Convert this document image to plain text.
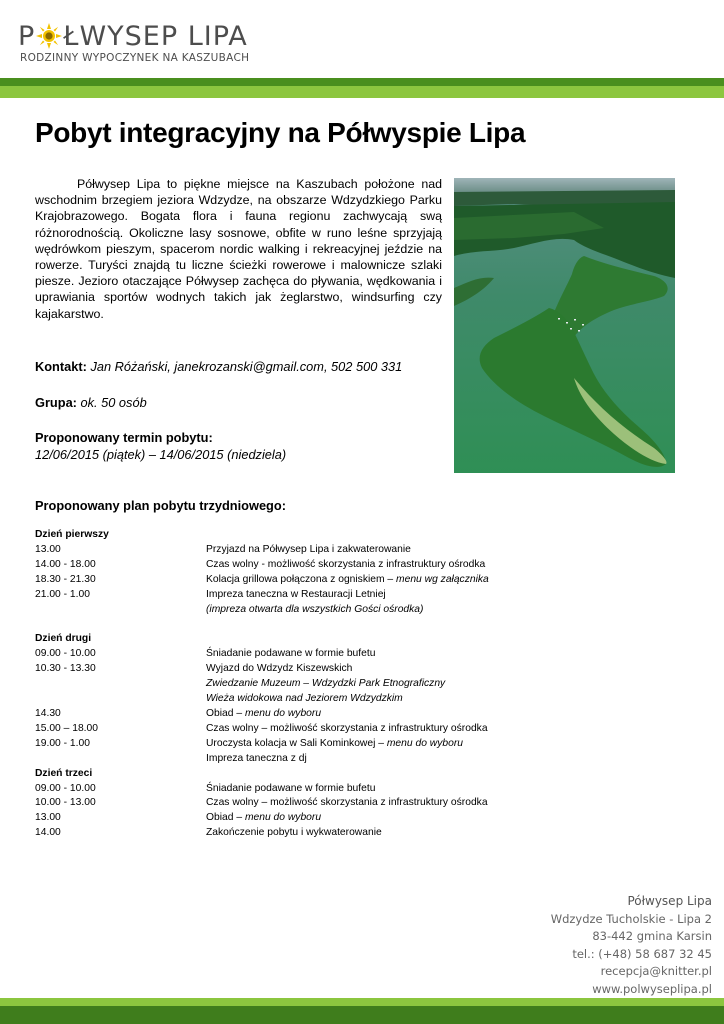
P ŁWYSEP LIPA
RODZINNY WYPOCZYNEK NA KASZUBACH
Pobyt integracyjny na Półwyspie Lipa

Półwysep Lipa to piękne miejsce na Kaszubach położone nad wschodnim brzegiem jeziora Wdzydze, na obszarze Wdzydzkiego Parku Krajobrazowego. Bogata flora i fauna regionu zachwycają swą różnorodnością. Okoliczne lasy sosnowe, obfite w runo leśne sprzyjają wędrówkom pieszym, spacerom nordic walking i rekreacyjnej jeździe na rowerze. Turyści znajdą tu liczne ścieżki rowerowe i malownicze szlaki piesze. Jezioro otaczające Półwysep zachęca do pływania, wędkowania i uprawiania sportów wodnych takich jak żeglarstwo, windsurfing czy kajakarstwo.

Kontakt: Jan Różański, janekrozanski@gmail.com, 502 500 331
Grupa: ok. 50 osób
Proponowany termin pobytu:
12/06/2015 (piątek) – 14/06/2015 (niedziela)
Proponowany plan pobytu trzydniowego:
Dzień pierwszy
13.00	Przyjazd na Półwysep Lipa i zakwaterowanie
14.00 - 18.00	Czas wolny - możliwość skorzystania z infrastruktury ośrodka
18.30 - 21.30	Kolacja grillowa połączona z ogniskiem – menu wg załącznika
21.00 - 1.00	Impreza taneczna w Restauracji Letniej
(impreza otwarta dla wszystkich Gości ośrodka)
Dzień drugi
09.00 - 10.00	Śniadanie podawane w formie bufetu
10.30 - 13.30	Wyjazd do Wdzydz Kiszewskich
Zwiedzanie Muzeum – Wdzydzki Park Etnograficzny
Wieża widokowa nad Jeziorem Wdzydzkim
14.30	Obiad – menu do wyboru
15.00 – 18.00	Czas wolny – możliwość skorzystania z infrastruktury ośrodka
19.00 - 1.00	Uroczysta kolacja w Sali Kominkowej – menu do wyboru
Impreza taneczna z dj
Dzień trzeci
09.00 - 10.00	Śniadanie podawane w formie bufetu
10.00 - 13.00	Czas wolny – możliwość skorzystania z infrastruktury ośrodka
13.00	Obiad – menu do wyboru
14.00	Zakończenie pobytu i wykwaterowanie
Półwysep Lipa
Wdzydze Tucholskie - Lipa 2
83-442 gmina Karsin
tel.: (+48) 58 687 32 45
recepcja@knitter.pl
www.polwyseplipa.pl
